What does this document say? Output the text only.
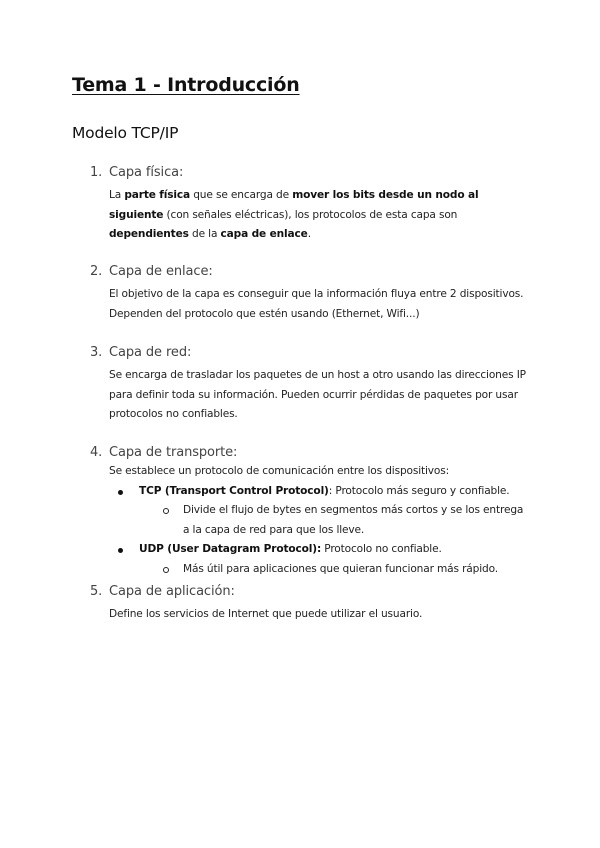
Tema 1 - Introducción
Modelo TCP/IP

1. Capa física:

La parte física que se encarga de mover los bits desde un nodo al siguiente (con señales eléctricas), los protocolos de esta capa son dependientes de la capa de enlace.

2. Capa de enlace:

El objetivo de la capa es conseguir que la información fluya entre 2 dispositivos. Dependen del protocolo que estén usando (Ethernet, Wifi...)

3. Capa de red:

Se encarga de trasladar los paquetes de un host a otro usando las direcciones IP para definir toda su información. Pueden ocurrir pérdidas de paquetes por usar protocolos no confiables.

4. Capa de transporte:

Se establece un protocolo de comunicación entre los dispositivos:

TCP (Transport Control Protocol): Protocolo más seguro y confiable.
Divide el flujo de bytes en segmentos más cortos y se los entrega a la capa de red para que los lleve.
UDP (User Datagram Protocol): Protocolo no confiable.
Más útil para aplicaciones que quieran funcionar más rápido.

5. Capa de aplicación:

Define los servicios de Internet que puede utilizar el usuario.
